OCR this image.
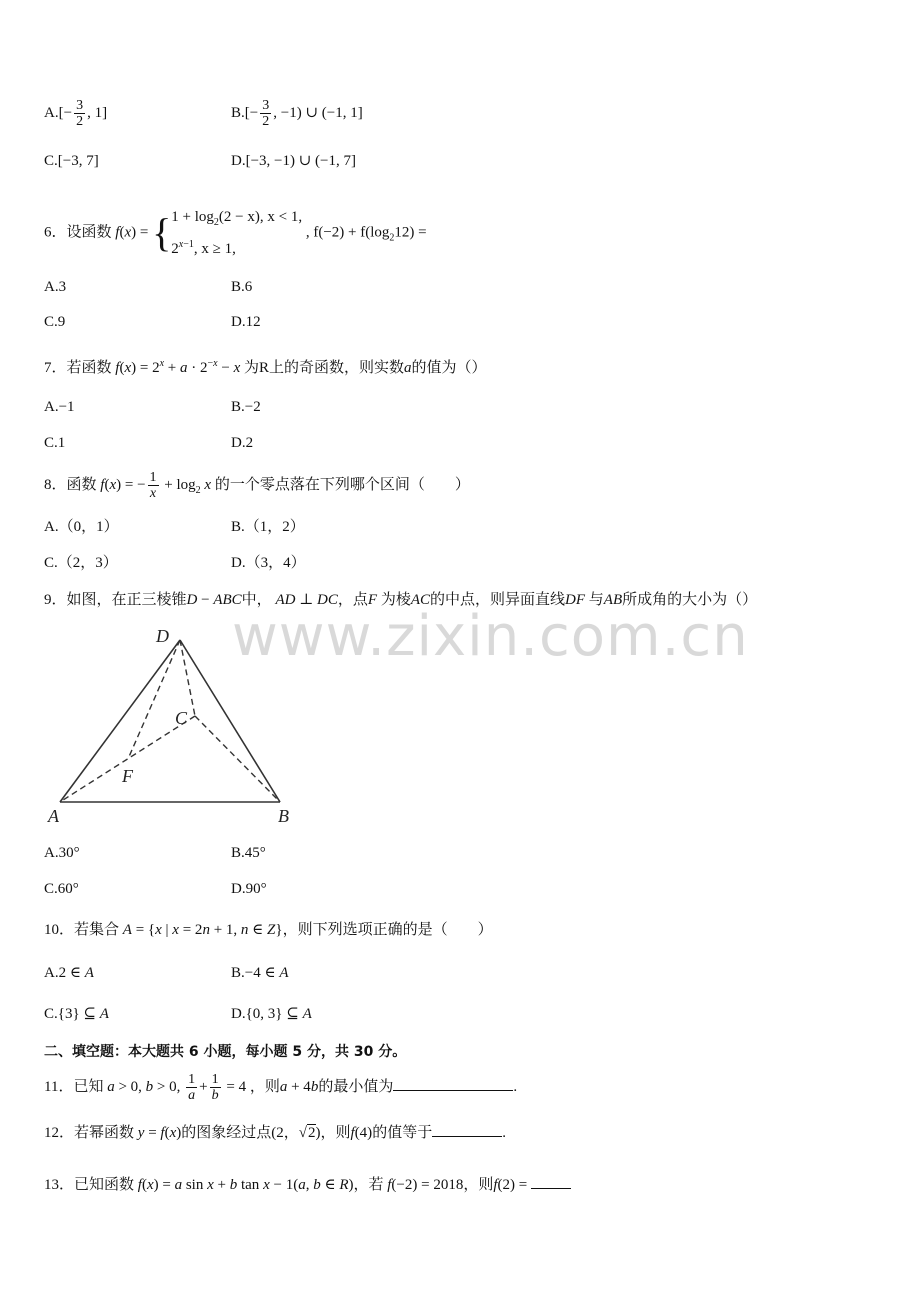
www.zixin.com.cn
$A.[- \frac{3}{2}$ , 1]	$B.[- \frac{3}{2}$ , −1) ∪ (−1, 1]
C.[−3, 7]	D.[−3, −1) ∪ (−1, 7]
6．设函数 f(x) = { $1 + \log_2(2 - x)$, x < 1,
$2^{x-1}$, x ≥ 1,
, $f(-2) + f(\log_212)$ =
A.3	B.6
C.9	D.12
7．若函数 $f(x) = 2^x + a \cdot 2^{-x} - x$ 为R上的奇函数，则实数a的值为（）
A.−1	B.−2
C.1	D.2
8．函数 f(x) = − $\frac{1}{x} + \log_2 x$ 的一个零点落在下列哪个区间（　　）
A.（0，1）	B.（1，2）
C.（2，3）	D.（3，4）
9．如图，在正三棱锥D − ABC中， AD ⊥ DC，点F 为棱AC的中点，则异面直线DF 与AB所成角的大小为（）
D
C
F
A	B
A.30°	B.45°
C.60°	D.90°
10．若集合 A = {x | x = 2n + 1, n ∈ Z}，则下列选项正确的是（　　）
A.2 ∈ A	B.−4 ∈ A
C.{3} ⊆ A	D.{0, 3} ⊆ A
二、填空题：本大题共 6 小题，每小题 5 分，共 30 分。
11．已知 a > 0, b > 0, $\frac{1}{a} + \frac{1}{b} = 4$ ，则a + 4b的最小值为	.
12．若幂函数 y = f(x)的图象经过点(2，√2)，则f(4)的值等于	.
13．已知函数 f(x) = a sin x + b tan x − 1(a, b ∈ R)，若 f(−2) = 2018，则f(2) =
